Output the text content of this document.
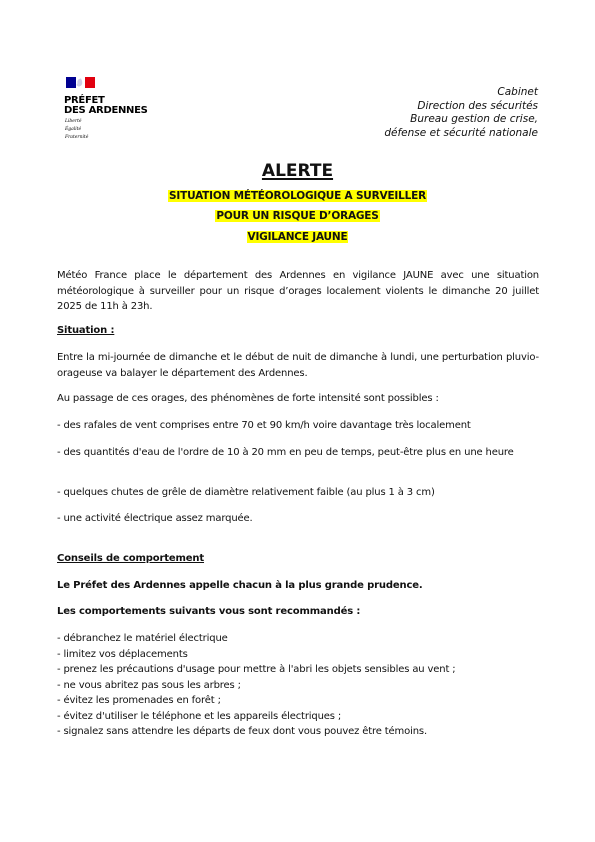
PRÉFET
DES ARDENNES
Liberté
Égalité
Fraternité
Cabinet
Direction des sécurités
Bureau gestion de crise,
défense et sécurité nationale
ALERTE
SITUATION MÉTÉOROLOGIQUE A SURVEILLER
POUR UN RISQUE D’ORAGES
VIGILANCE JAUNE
Météo France place le département des Ardennes en vigilance JAUNE avec une situation météorologique à surveiller pour un risque d’orages localement violents le dimanche 20 juillet 2025 de 11h à 23h.
Situation :
Entre la mi-journée de dimanche et le début de nuit de dimanche à lundi, une perturbation pluvio-orageuse va balayer le département des Ardennes.
Au passage de ces orages, des phénomènes de forte intensité sont possibles :
- des rafales de vent comprises entre 70 et 90 km/h voire davantage très localement
- des quantités d'eau de l'ordre de 10 à 20 mm en peu de temps, peut-être plus en une heure
- quelques chutes de grêle de diamètre relativement faible (au plus 1 à 3 cm)
- une activité électrique assez marquée.
Conseils de comportement
Le Préfet des Ardennes appelle chacun à la plus grande prudence.
Les comportements suivants vous sont recommandés :
- débranchez le matériel électrique
- limitez vos déplacements
- prenez les précautions d'usage pour mettre à l'abri les objets sensibles au vent ;
- ne vous abritez pas sous les arbres ;
- évitez les promenades en forêt ;
- évitez d'utiliser le téléphone et les appareils électriques ;
- signalez sans attendre les départs de feux dont vous pouvez être témoins.
